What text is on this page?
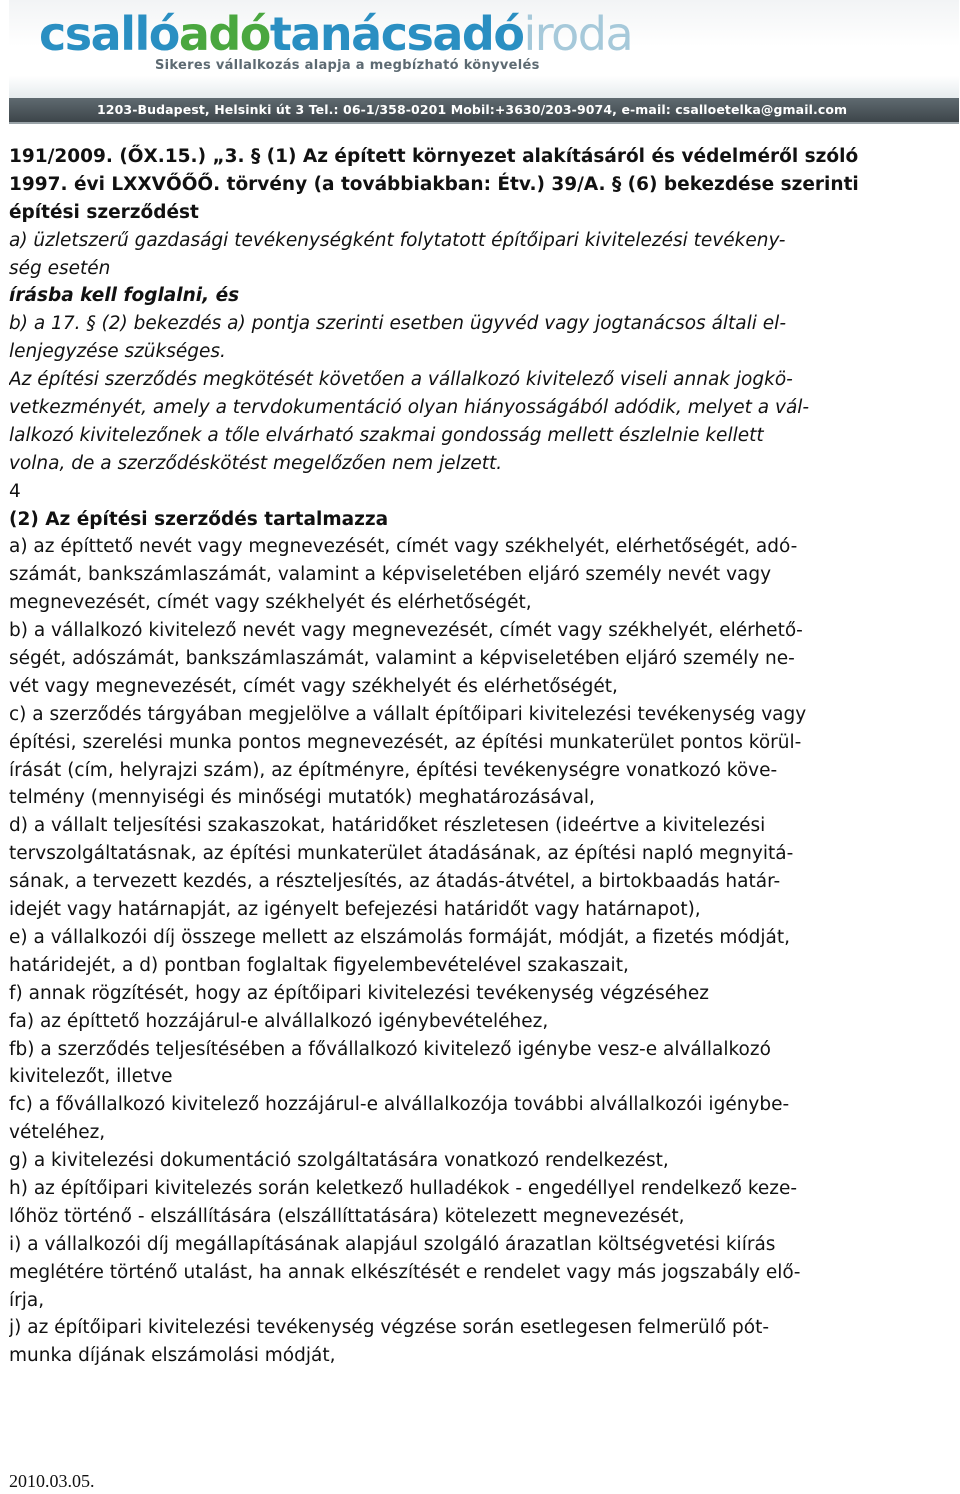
csallóadótanácsadóiroda
Sikeres vállalkozás alapja a megbízható könyvelés
1203-Budapest, Helsinki út 3 Tel.: 06-1/358-0201 Mobil:+3630/203-9074, e-mail: csalloetelka@gmail.com
191/2009. (ŐX.15.) „3. § (1) Az épített környezet alakításáról és védelméről szóló
1997. évi LXXVŐŐŐ. törvény (a továbbiakban: Étv.) 39/A. § (6) bekezdése szerinti
építési szerződést
a) üzletszerű gazdasági tevékenységként folytatott építőipari kivitelezési tevékeny-
ség esetén
írásba kell foglalni, és
b) a 17. § (2) bekezdés a) pontja szerinti esetben ügyvéd vagy jogtanácsos általi el-
lenjegyzése szükséges.
Az építési szerződés megkötését követően a vállalkozó kivitelező viseli annak jogkö-
vetkezményét, amely a tervdokumentáció olyan hiányosságából adódik, melyet a vál-
lalkozó kivitelezőnek a tőle elvárható szakmai gondosság mellett észlelnie kellett
volna, de a szerződéskötést megelőzően nem jelzett.
4
(2) Az építési szerződés tartalmazza
a) az építtető nevét vagy megnevezését, címét vagy székhelyét, elérhetőségét, adó-
számát, bankszámlaszámát, valamint a képviseletében eljáró személy nevét vagy
megnevezését, címét vagy székhelyét és elérhetőségét,
b) a vállalkozó kivitelező nevét vagy megnevezését, címét vagy székhelyét, elérhető-
ségét, adószámát, bankszámlaszámát, valamint a képviseletében eljáró személy ne-
vét vagy megnevezését, címét vagy székhelyét és elérhetőségét,
c) a szerződés tárgyában megjelölve a vállalt építőipari kivitelezési tevékenység vagy
építési, szerelési munka pontos megnevezését, az építési munkaterület pontos körül-
írását (cím, helyrajzi szám), az építményre, építési tevékenységre vonatkozó köve-
telmény (mennyiségi és minőségi mutatók) meghatározásával,
d) a vállalt teljesítési szakaszokat, határidőket részletesen (ideértve a kivitelezési
tervszolgáltatásnak, az építési munkaterület átadásának, az építési napló megnyitá-
sának, a tervezett kezdés, a részteljesítés, az átadás-átvétel, a birtokbaadás határ-
idejét vagy határnapját, az igényelt befejezési határidőt vagy határnapot),
e) a vállalkozói díj összege mellett az elszámolás formáját, módját, a fizetés módját,
határidejét, a d) pontban foglaltak figyelembevételével szakaszait,
f) annak rögzítését, hogy az építőipari kivitelezési tevékenység végzéséhez
fa) az építtető hozzájárul-e alvállalkozó igénybevételéhez,
fb) a szerződés teljesítésében a fővállalkozó kivitelező igénybe vesz-e alvállalkozó
kivitelezőt, illetve
fc) a fővállalkozó kivitelező hozzájárul-e alvállalkozója további alvállalkozói igénybe-
vételéhez,
g) a kivitelezési dokumentáció szolgáltatására vonatkozó rendelkezést,
h) az építőipari kivitelezés során keletkező hulladékok - engedéllyel rendelkező keze-
lőhöz történő - elszállítására (elszállíttatására) kötelezett megnevezését,
i) a vállalkozói díj megállapításának alapjául szolgáló árazatlan költségvetési kiírás
meglétére történő utalást, ha annak elkészítését e rendelet vagy más jogszabály elő-
írja,
j) az építőipari kivitelezési tevékenység végzése során esetlegesen felmerülő pót-
munka díjának elszámolási módját,
2010.03.05.
